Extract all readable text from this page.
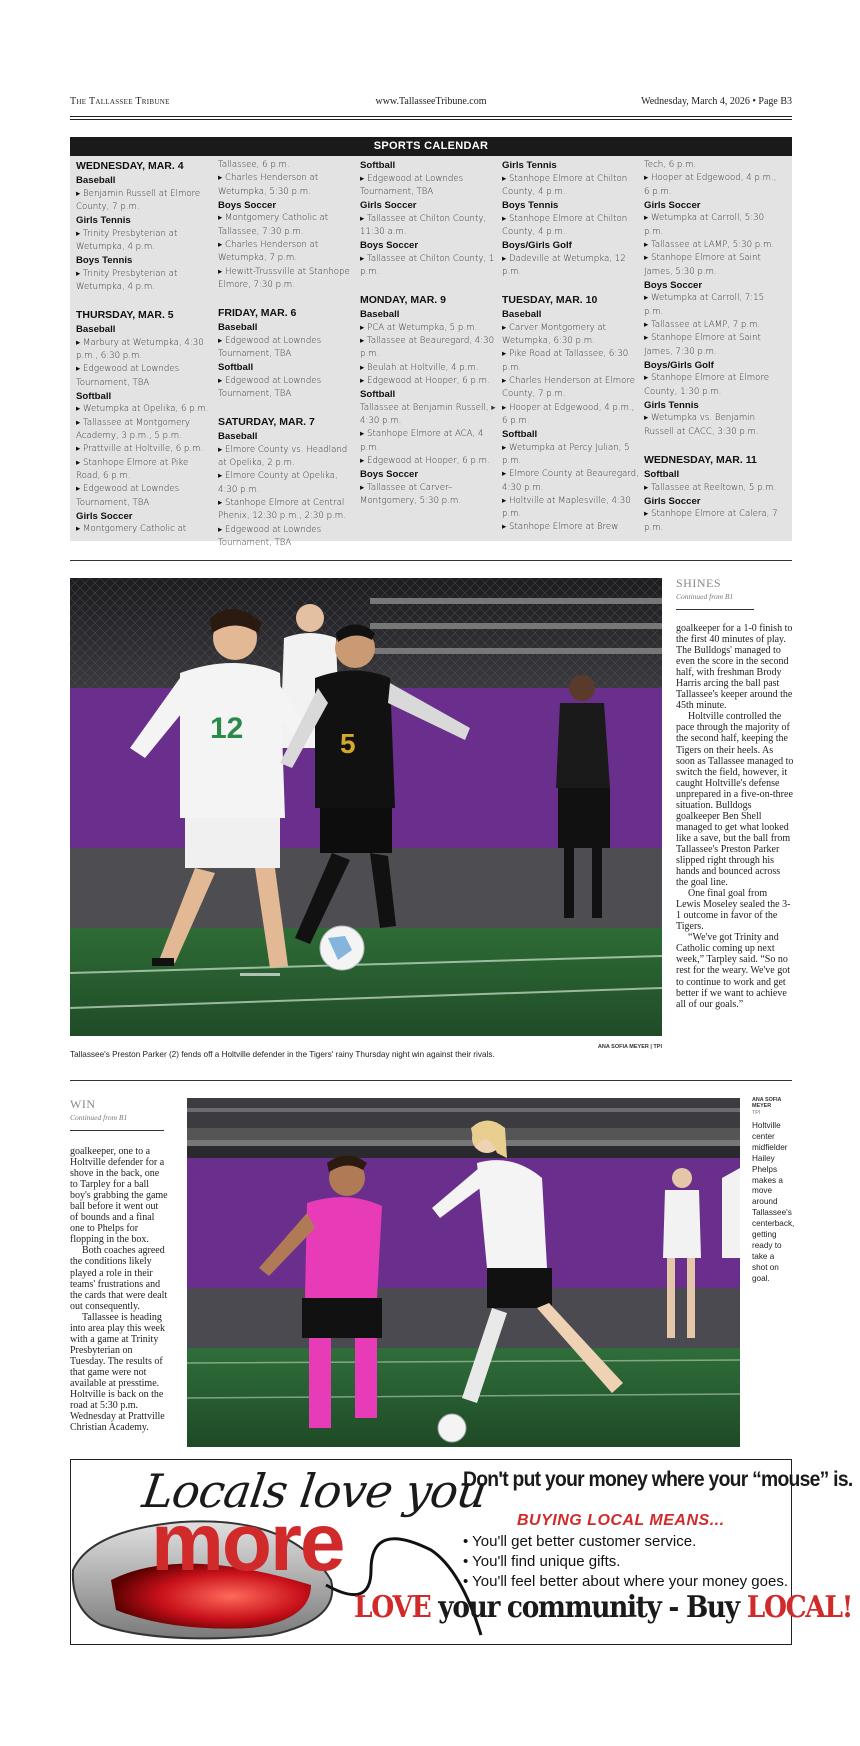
The Tallassee Tribune	www.TallasseeTribune.com	Wednesday, March 4, 2026 • Page B3
SPORTS CALENDAR
WEDNESDAY, MAR. 4
Baseball
▸ Benjamin Russell at Elmore County, 7 p.m.
Girls Tennis
▸ Trinity Presbyterian at Wetumpka, 4 p.m.
Boys Tennis
▸ Trinity Presbyterian at Wetumpka, 4 p.m.
THURSDAY, MAR. 5
Baseball
▸ Marbury at Wetumpka, 4:30 p.m., 6:30 p.m.
▸ Edgewood at Lowndes Tournament, TBA
Softball
▸ Wetumpka at Opelika, 6 p.m.
▸ Tallassee at Montgomery Academy, 3 p.m., 5 p.m.
▸ Prattville at Holtville, 6 p.m.
▸ Stanhope Elmore at Pike Road, 6 p.m.
▸ Edgewood at Lowndes Tournament, TBA
Girls Soccer
▸ Montgomery Catholic at
Tallassee, 6 p.m.
▸ Charles Henderson at Wetumpka, 5:30 p.m.
Boys Soccer
▸ Montgomery Catholic at Tallassee, 7:30 p.m.
▸ Charles Henderson at Wetumpka, 7 p.m.
▸ Hewitt-Trussville at Stanhope Elmore, 7:30 p.m.
FRIDAY, MAR. 6
Baseball
▸ Edgewood at Lowndes Tournament, TBA
Softball
▸ Edgewood at Lowndes Tournament, TBA
SATURDAY, MAR. 7
Baseball
▸ Elmore County vs. Headland at Opelika, 2 p.m.
▸ Elmore County at Opelika, 4:30 p.m.
▸ Stanhope Elmore at Central Phenix, 12:30 p.m., 2:30 p.m.
▸ Edgewood at Lowndes Tournament, TBA
Softball
▸ Edgewood at Lowndes Tournament, TBA
Girls Soccer
▸ Tallassee at Chilton County, 11:30 a.m.
Boys Soccer
▸ Tallassee at Chilton County, 1 p.m.
MONDAY, MAR. 9
Baseball
▸ PCA at Wetumpka, 5 p.m.
▸ Tallassee at Beauregard, 4:30 p.m.
▸ Beulah at Holtville, 4 p.m.
▸ Edgewood at Hooper, 6 p.m.
Softball
Tallassee at Benjamin Russell, ▸ 4:30 p.m.
▸ Stanhope Elmore at ACA, 4 p.m.
▸ Edgewood at Hooper, 6 p.m.
Boys Soccer
▸ Tallassee at Carver–Montgomery, 5:30 p.m.
Girls Tennis
▸ Stanhope Elmore at Chilton County, 4 p.m.
Boys Tennis
▸ Stanhope Elmore at Chilton County, 4 p.m.
Boys/Girls Golf
▸ Dadeville at Wetumpka, 12 p.m.
TUESDAY, MAR. 10
Baseball
▸ Carver Montgomery at Wetumpka, 6:30 p.m.
▸ Pike Road at Tallassee, 6:30 p.m.
▸ Charles Henderson at Elmore County, 7 p.m.
▸ Hooper at Edgewood, 4 p.m., 6 p.m.
Softball
▸ Wetumpka at Percy Julian, 5 p.m.
▸ Elmore County at Beauregard, 4:30 p.m.
▸ Holtville at Maplesville, 4:30 p.m.
▸ Stanhope Elmore at Brew
Tech, 6 p.m.
▸ Hooper at Edgewood, 4 p.m., 6 p.m.
Girls Soccer
▸ Wetumpka at Carroll, 5:30 p.m.
▸ Tallassee at LAMP, 5:30 p.m.
▸ Stanhope Elmore at Saint James, 5:30 p.m.
Boys Soccer
▸ Wetumpka at Carroll, 7:15 p.m.
▸ Tallassee at LAMP, 7 p.m.
▸ Stanhope Elmore at Saint James, 7:30 p.m.
Boys/Girls Golf
▸ Stanhope Elmore at Elmore County, 1:30 p.m.
Girls Tennis
▸ Wetumpka vs. Benjamin Russell at CACC, 3:30 p.m.
WEDNESDAY, MAR. 11
Softball
▸ Tallassee at Reeltown, 5 p.m.
Girls Soccer
▸ Stanhope Elmore at Calera, 7 p.m.
12	5
ANA SOFIA MEYER | TPI
Tallassee's Preston Parker (2) fends off a Holtville defender in the Tigers' rainy Thursday night win against their rivals.
SHINES
Continued from B1

goalkeeper for a 1-0 finish to the first 40 minutes of play. The Bulldogs' managed to even the score in the second half, with freshman Brody Harris arcing the ball past Tallassee's keeper around the 45th minute.

Holtville controlled the pace through the majority of the second half, keeping the Tigers on their heels. As soon as Tallassee managed to switch the field, however, it caught Holtville's defense unprepared in a five-on-three situation. Bulldogs goalkeeper Ben Shell managed to get what looked like a save, but the ball from Tallassee's Preston Parker slipped right through his hands and bounced across the goal line.

One final goal from Lewis Moseley sealed the 3-1 outcome in favor of the Tigers.

“We've got Trinity and Catholic coming up next week,” Tarpley said. “So no rest for the weary. We've got to continue to work and get better if we want to achieve all of our goals.”

WIN
Continued from B1

goalkeeper, one to a Holtville defender for a shove in the back, one to Tarpley for a ball boy's grabbing the game ball before it went out of bounds and a final one to Phelps for flopping in the box.

Both coaches agreed the conditions likely played a role in their teams' frustrations and the cards that were dealt out consequently.

Tallassee is heading into area play this week with a game at Trinity Presbyterian on Tuesday. The results of that game were not available at presstime. Holtville is back on the road at 5:30 p.m. Wednesday at Prattville Christian Academy.

ANA SOFIA MEYER
TPI
Holtville center midfielder Hailey Phelps makes a move around Tallassee's centerback, getting ready to take a shot on goal.
Locals love you
more
Don't put your money where your “mouse” is.
BUYING LOCAL MEANS...
• You'll get better customer service.
• You'll find unique gifts.
• You'll feel better about where your money goes.
LOVE your community - Buy LOCAL!
